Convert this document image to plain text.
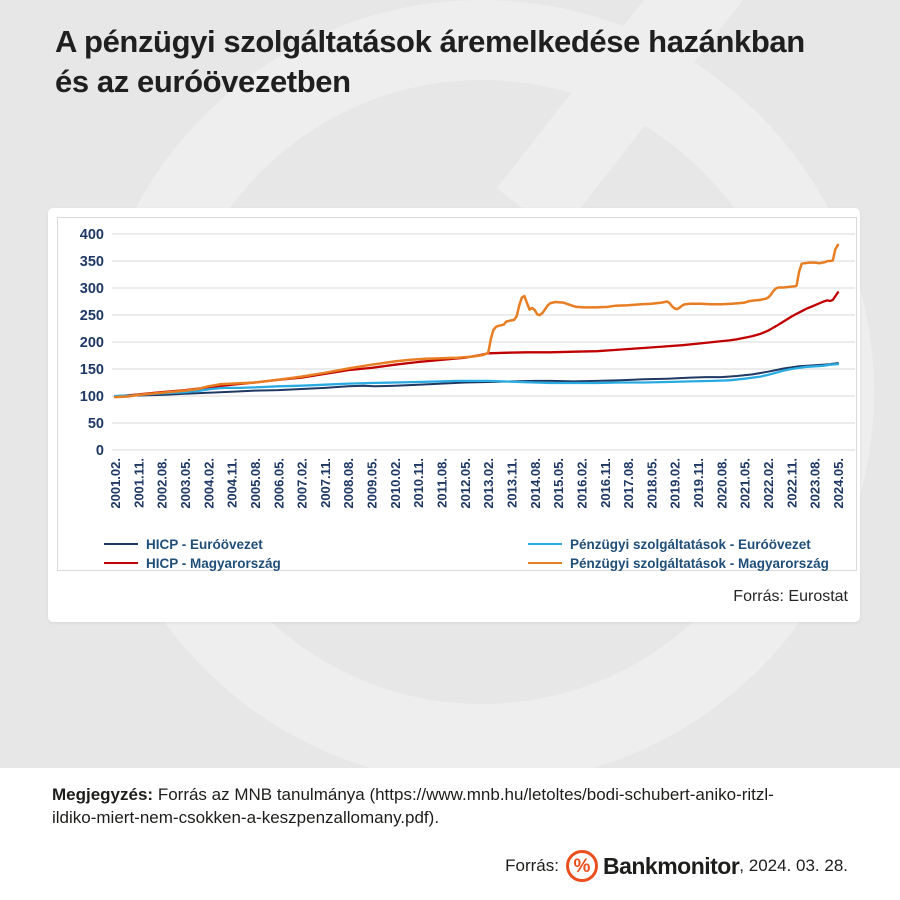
A pénzügyi szolgáltatások áremelkedése hazánkban
és az euróövezetben
400
350
300
250
200
150
100
50
0
2001.02. 2001.11. 2002.08. 2003.05. 2004.02. 2004.11. 2005.08. 2006.05. 2007.02. 2007.11. 2008.08. 2009.05. 2010.02. 2010.11. 2011.08. 2012.05. 2013.02. 2013.11. 2014.08. 2015.05. 2016.02. 2016.11. 2017.08. 2018.05. 2019.02. 2019.11. 2020.08. 2021.05. 2022.02. 2022.11. 2023.08. 2024.05.
HICP - Euróövezet
HICP - Magyarország
Pénzügyi szolgáltatások - Euróövezet
Pénzügyi szolgáltatások - Magyarország
Forrás: Eurostat

Megjegyzés: Forrás az MNB tanulmánya (https://www.mnb.hu/letoltes/bodi-schubert-aniko-ritzl-ildiko-miert-nem-csokken-a-keszpenzallomany.pdf).

Forrás: % Bankmonitor , 2024. 03. 28.
